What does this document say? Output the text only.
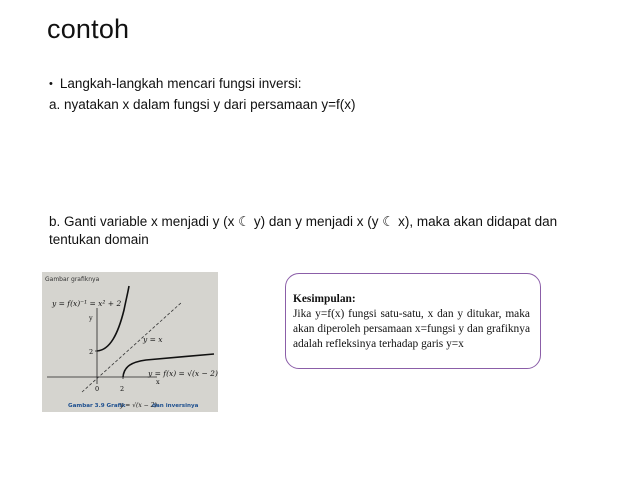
contoh
• Langkah-langkah mencari fungsi inversi:
a. nyatakan x dalam fungsi y dari persamaan y=f(x)
b. Ganti variable x menjadi y (x ☾ y) dan y menjadi x (y ☾ x), maka akan didapat dan tentukan domain
Gambar grafiknya
y = f(x)⁻¹ = x² + 2
y
y = x
2
y = f(x) = √(x − 2)
x
0	2
Gambar 3.9 Grafik
y = √(x − 2)
dan inversinya
Kesimpulan:
Jika y=f(x) fungsi satu-satu, x dan y ditukar, maka akan diperoleh persamaan x=fungsi y dan grafiknya adalah refleksinya terhadap garis y=x
